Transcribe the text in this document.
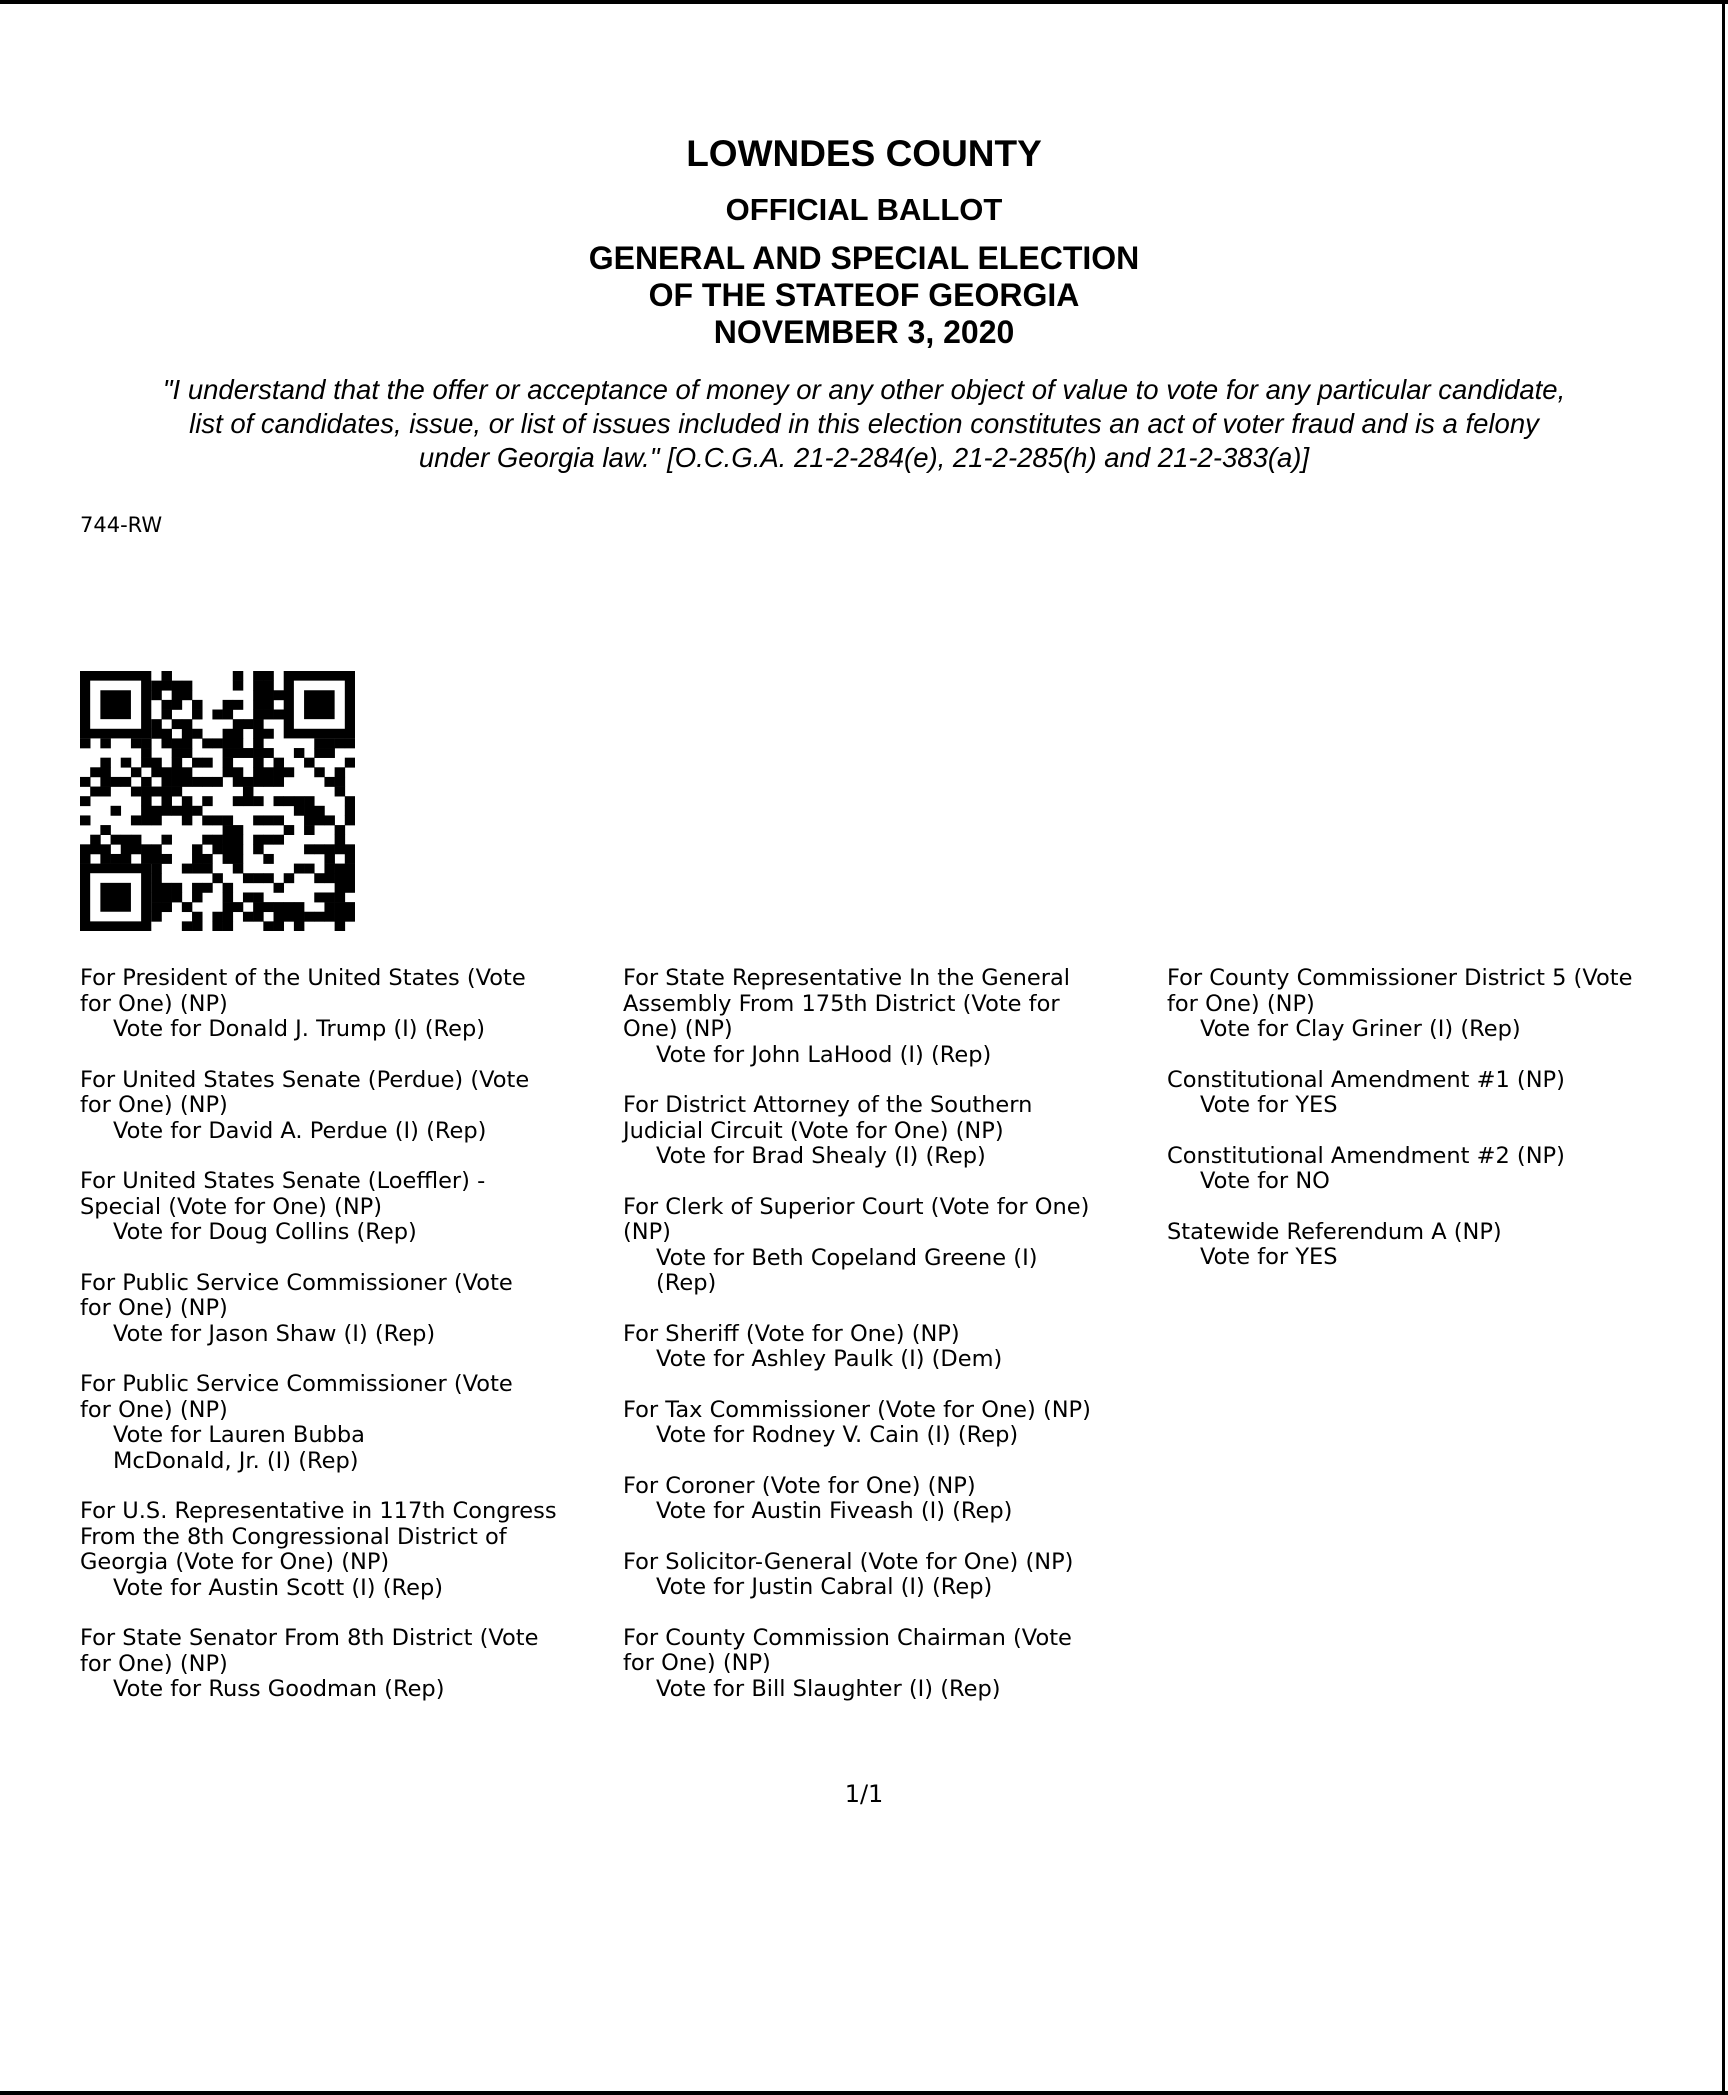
LOWNDES COUNTY
OFFICIAL BALLOT
GENERAL AND SPECIAL ELECTION
OF THE STATEOF GEORGIA
NOVEMBER 3, 2020
"I understand that the offer or acceptance of money or any other object of value to vote for any particular candidate,
list of candidates, issue, or list of issues included in this election constitutes an act of voter fraud and is a felony
under Georgia law." [O.C.G.A. 21-2-284(e), 21-2-285(h) and 21-2-383(a)]
744-RW
For President of the United States (Vote
for One) (NP)
Vote for Donald J. Trump (I) (Rep)
For United States Senate (Perdue) (Vote
for One) (NP)
Vote for David A. Perdue (I) (Rep)
For United States Senate (Loeffler) -
Special (Vote for One) (NP)
Vote for Doug Collins (Rep)
For Public Service Commissioner (Vote
for One) (NP)
Vote for Jason Shaw (I) (Rep)
For Public Service Commissioner (Vote
for One) (NP)
Vote for Lauren Bubba
McDonald, Jr. (I) (Rep)
For U.S. Representative in 117th Congress
From the 8th Congressional District of
Georgia (Vote for One) (NP)
Vote for Austin Scott (I) (Rep)
For State Senator From 8th District (Vote
for One) (NP)
Vote for Russ Goodman (Rep)
For State Representative In the General
Assembly From 175th District (Vote for
One) (NP)
Vote for John LaHood (I) (Rep)
For District Attorney of the Southern
Judicial Circuit (Vote for One) (NP)
Vote for Brad Shealy (I) (Rep)
For Clerk of Superior Court (Vote for One)
(NP)
Vote for Beth Copeland Greene (I)
(Rep)
For Sheriff (Vote for One) (NP)
Vote for Ashley Paulk (I) (Dem)
For Tax Commissioner (Vote for One) (NP)
Vote for Rodney V. Cain (I) (Rep)
For Coroner (Vote for One) (NP)
Vote for Austin Fiveash (I) (Rep)
For Solicitor-General (Vote for One) (NP)
Vote for Justin Cabral (I) (Rep)
For County Commission Chairman (Vote
for One) (NP)
Vote for Bill Slaughter (I) (Rep)
For County Commissioner District 5 (Vote
for One) (NP)
Vote for Clay Griner (I) (Rep)
Constitutional Amendment #1 (NP)
Vote for YES
Constitutional Amendment #2 (NP)
Vote for NO
Statewide Referendum A (NP)
Vote for YES
1/1
